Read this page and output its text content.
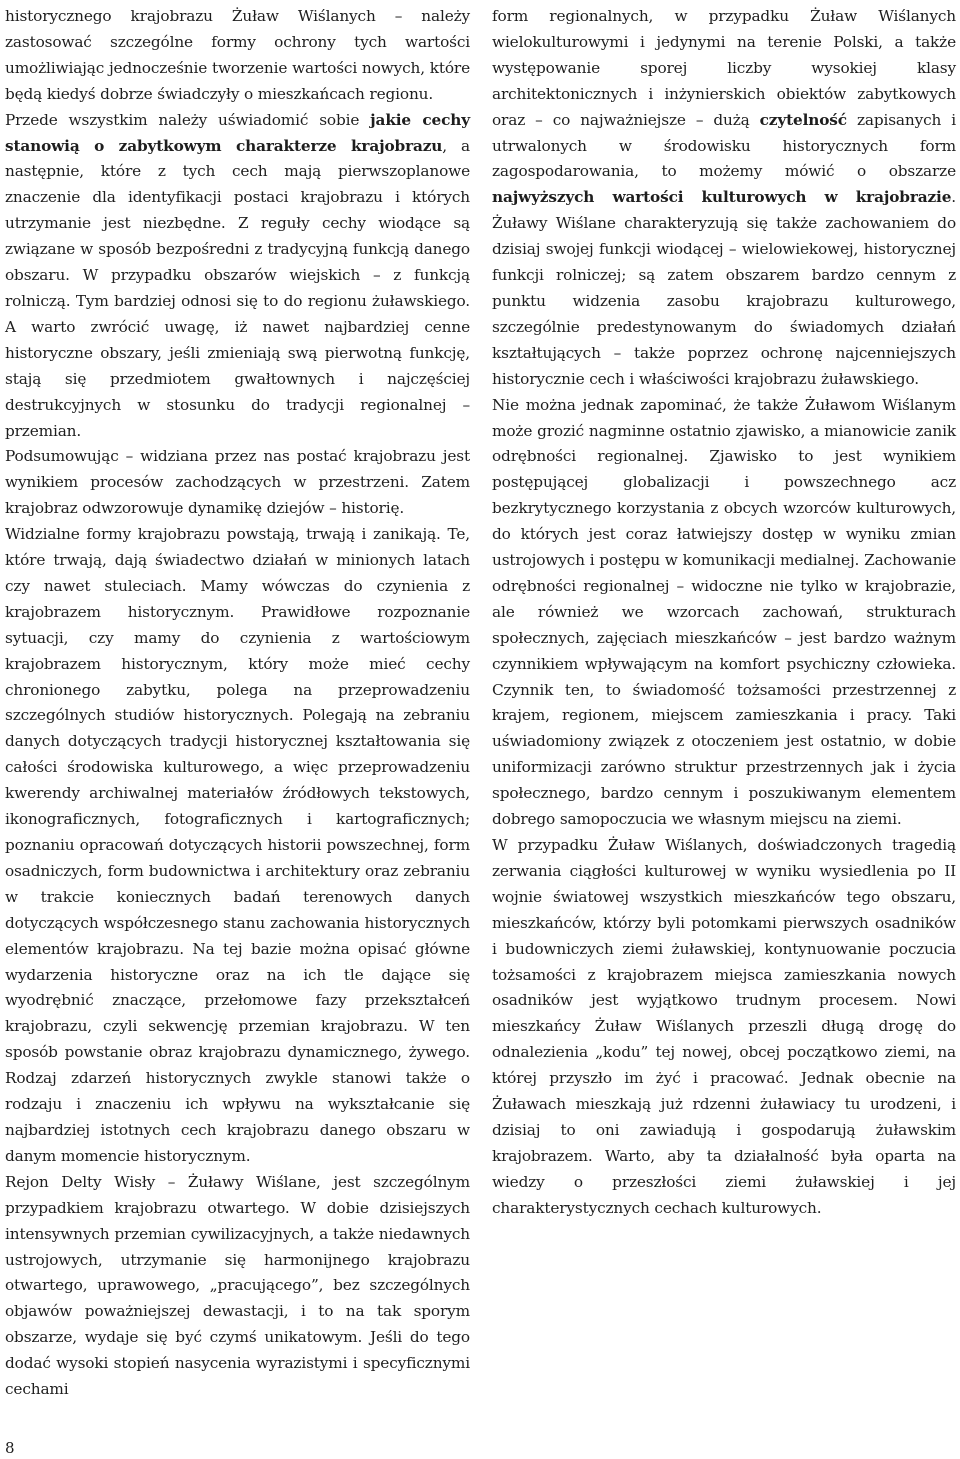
historycznego krajobrazu Żuław Wiślanych – należy zastosować szczególne formy ochrony tych wartości umożliwiając jednocześnie tworzenie wartości nowych, które będą kiedyś dobrze świadczyły o mieszkańcach regionu.

Przede wszystkim należy uświadomić sobie jakie cechy stanowią o zabytkowym charakterze krajobrazu, a następnie, które z tych cech mają pierwszoplanowe znaczenie dla identyfikacji postaci krajobrazu i których utrzymanie jest niezbędne. Z reguły cechy wiodące są związane w sposób bezpośredni z tradycyjną funkcją danego obszaru. W przypadku obszarów wiejskich – z funkcją rolniczą. Tym bardziej odnosi się to do regionu żuławskiego. A warto zwrócić uwagę, iż nawet najbardziej cenne historyczne obszary, jeśli zmieniają swą pierwotną funkcję, stają się przedmiotem gwałtownych i najczęściej destrukcyjnych w stosunku do tradycji regionalnej – przemian.

Podsumowując – widziana przez nas postać krajobrazu jest wynikiem procesów zachodzących w przestrzeni. Zatem krajobraz odwzorowuje dynamikę dziejów – historię.

Widzialne formy krajobrazu powstają, trwają i zanikają. Te, które trwają, dają świadectwo działań w minionych latach czy nawet stuleciach. Mamy wówczas do czynienia z krajobrazem historycznym. Prawidłowe rozpoznanie sytuacji, czy mamy do czynienia z wartościowym krajobrazem historycznym, który może mieć cechy chronionego zabytku, polega na przeprowadzeniu szczególnych studiów historycznych. Polegają na zebraniu danych dotyczących tradycji historycznej kształtowania się całości środowiska kulturowego, a więc przeprowadzeniu kwerendy archiwalnej materiałów źródłowych tekstowych, ikonograficznych, fotograficznych i kartograficznych; poznaniu opracowań dotyczących historii powszechnej, form osadniczych, form budownictwa i architektury oraz zebraniu w trakcie koniecznych badań terenowych danych dotyczących współczesnego stanu zachowania historycznych elementów krajobrazu. Na tej bazie można opisać główne wydarzenia historyczne oraz na ich tle dające się wyodrębnić znaczące, przełomowe fazy przekształceń krajobrazu, czyli sekwencję przemian krajobrazu. W ten sposób powstanie obraz krajobrazu dynamicznego, żywego. Rodzaj zdarzeń historycznych zwykle stanowi także o rodzaju i znaczeniu ich wpływu na wykształcanie się najbardziej istotnych cech krajobrazu danego obszaru w danym momencie historycznym.

Rejon Delty Wisły – Żuławy Wiślane, jest szczególnym przypadkiem krajobrazu otwartego. W dobie dzisiejszych intensywnych przemian cywilizacyjnych, a także niedawnych ustrojowych, utrzymanie się harmonijnego krajobrazu otwartego, uprawowego, „pracującego”, bez szczególnych objawów poważniejszej dewastacji, i to na tak sporym obszarze, wydaje się być czymś unikatowym. Jeśli do tego dodać wysoki stopień nasycenia wyrazistymi i specyficznymi cechami

form regionalnych, w przypadku Żuław Wiślanych wielokulturowymi i jedynymi na terenie Polski, a także występowanie sporej liczby wysokiej klasy architektonicznych i inżynierskich obiektów zabytkowych oraz – co najważniejsze – dużą czytelność zapisanych i utrwalonych w środowisku historycznych form zagospodarowania, to możemy mówić o obszarze najwyższych wartości kulturowych w krajobrazie. Żuławy Wiślane charakteryzują się także zachowaniem do dzisiaj swojej funkcji wiodącej – wielowiekowej, historycznej funkcji rolniczej; są zatem obszarem bardzo cennym z punktu widzenia zasobu krajobrazu kulturowego, szczególnie predestynowanym do świadomych działań kształtujących – także poprzez ochronę najcenniejszych historycznie cech i właściwości krajobrazu żuławskiego.

Nie można jednak zapominać, że także Żuławom Wiślanym może grozić nagminne ostatnio zjawisko, a mianowicie zanik odrębności regionalnej. Zjawisko to jest wynikiem postępującej globalizacji i powszechnego acz bezkrytycznego korzystania z obcych wzorców kulturowych, do których jest coraz łatwiejszy dostęp w wyniku zmian ustrojowych i postępu w komunikacji medialnej. Zachowanie odrębności regionalnej – widoczne nie tylko w krajobrazie, ale również we wzorcach zachowań, strukturach społecznych, zajęciach mieszkańców – jest bardzo ważnym czynnikiem wpływającym na komfort psychiczny człowieka. Czynnik ten, to świadomość tożsamości przestrzennej z krajem, regionem, miejscem zamieszkania i pracy. Taki uświadomiony związek z otoczeniem jest ostatnio, w dobie uniformizacji zarówno struktur przestrzennych jak i życia społecznego, bardzo cennym i poszukiwanym elementem dobrego samopoczucia we własnym miejscu na ziemi.

W przypadku Żuław Wiślanych, doświadczonych tragedią zerwania ciągłości kulturowej w wyniku wysiedlenia po II wojnie światowej wszystkich mieszkańców tego obszaru, mieszkańców, którzy byli potomkami pierwszych osadników i budowniczych ziemi żuławskiej, kontynuowanie poczucia tożsamości z krajobrazem miejsca zamieszkania nowych osadników jest wyjątkowo trudnym procesem. Nowi mieszkańcy Żuław Wiślanych przeszli długą drogę do odnalezienia „kodu” tej nowej, obcej początkowo ziemi, na której przyszło im żyć i pracować. Jednak obecnie na Żuławach mieszkają już rdzenni żuławiacy tu urodzeni, i dzisiaj to oni zawiadują i gospodarują żuławskim krajobrazem. Warto, aby ta działalność była oparta na wiedzy o przeszłości ziemi żuławskiej i jej charakterystycznych cechach kulturowych.

8
